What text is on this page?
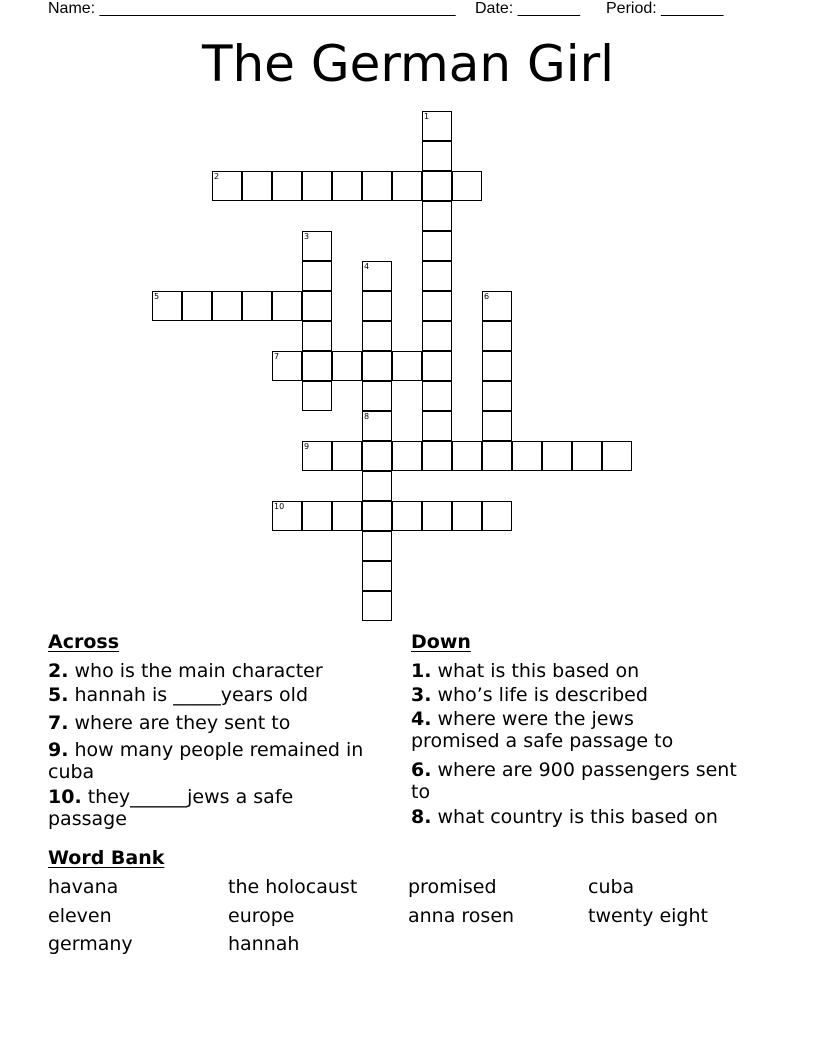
Name: ________________________________________ Date: _______ Period: _______
The German Girl
1
2
3
4
5	6
7
8
9
10
Across
2. who is the main character
5. hannah is _____years old
7. where are they sent to
9. how many people remained in cuba
10. they______jews a safe passage
Down
1. what is this based on
3. who’s life is described
4. where were the jews promised a safe passage to
6. where are 900 passengers sent to
8. what country is this based on
Word Bank
havana	the holocaust	promised	cuba
eleven	europe	anna rosen	twenty eight
germany	hannah
